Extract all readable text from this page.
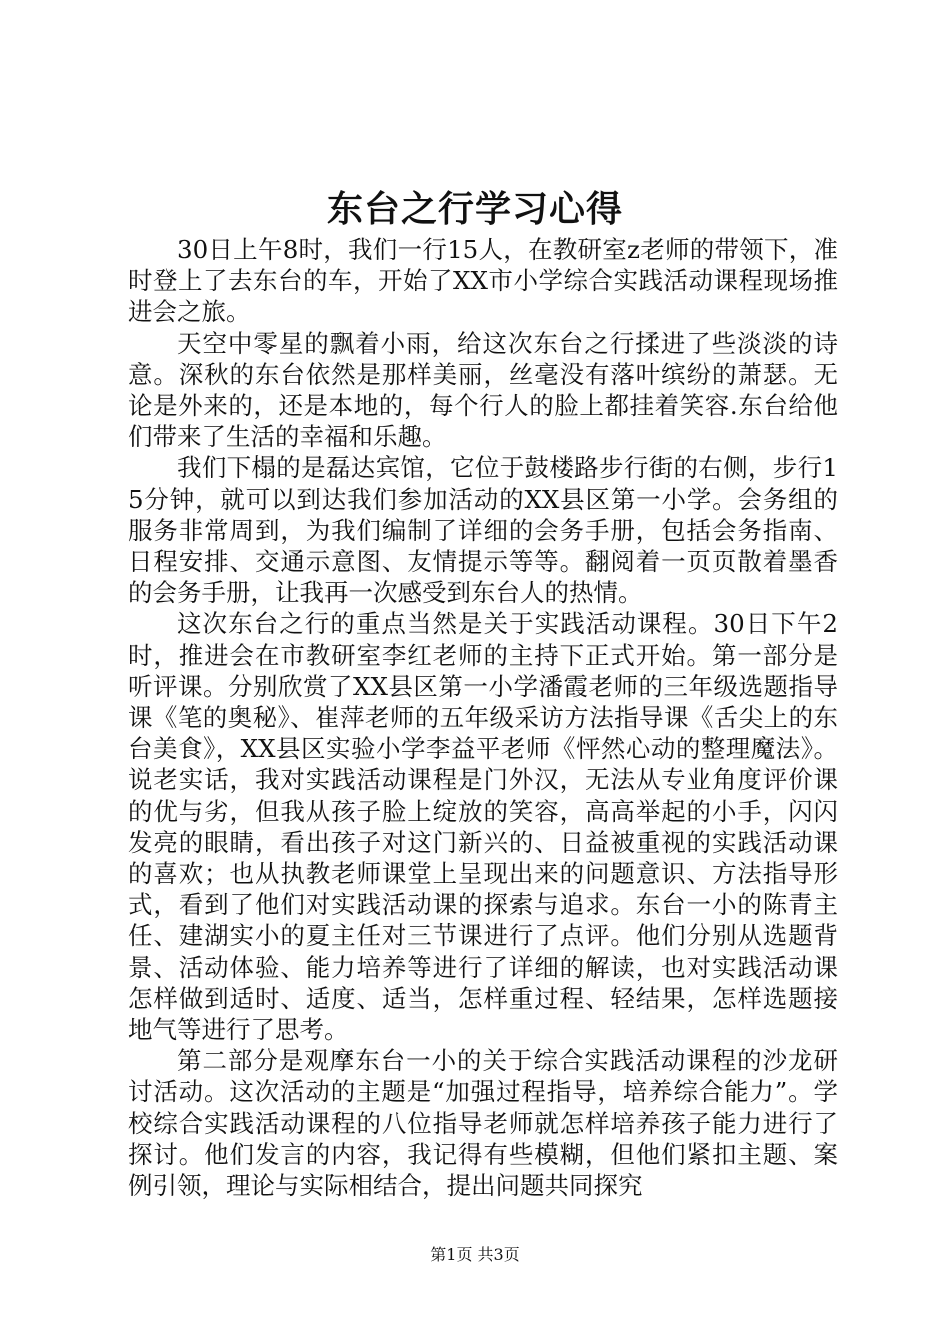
东台之行学习心得

30日上午8时，我们一行15人，在教研室z老师的带领下，准时登上了去东台的车，开始了XX市小学综合实践活动课程现场推进会之旅。

天空中零星的飘着小雨，给这次东台之行揉进了些淡淡的诗意。深秋的东台依然是那样美丽，丝毫没有落叶缤纷的萧瑟。无论是外来的，还是本地的，每个行人的脸上都挂着笑容.东台给他们带来了生活的幸福和乐趣。

我们下榻的是磊达宾馆，它位于鼓楼路步行街的右侧，步行15分钟，就可以到达我们参加活动的XX县区第一小学。会务组的服务非常周到，为我们编制了详细的会务手册，包括会务指南、日程安排、交通示意图、友情提示等等。翻阅着一页页散着墨香的会务手册，让我再一次感受到东台人的热情。

这次东台之行的重点当然是关于实践活动课程。30日下午2时，推进会在市教研室李红老师的主持下正式开始。第一部分是听评课。分别欣赏了XX县区第一小学潘霞老师的三年级选题指导课《笔的奥秘》、崔萍老师的五年级采访方法指导课《舌尖上的东台美食》，XX县区实验小学李益平老师《怦然心动的整理魔法》。说老实话，我对实践活动课程是门外汉，无法从专业角度评价课的优与劣，但我从孩子脸上绽放的笑容，高高举起的小手，闪闪发亮的眼睛，看出孩子对这门新兴的、日益被重视的实践活动课的喜欢；也从执教老师课堂上呈现出来的问题意识、方法指导形式，看到了他们对实践活动课的探索与追求。东台一小的陈青主任、建湖实小的夏主任对三节课进行了点评。他们分别从选题背景、活动体验、能力培养等进行了详细的解读，也对实践活动课怎样做到适时、适度、适当，怎样重过程、轻结果，怎样选题接地气等进行了思考。

第二部分是观摩东台一小的关于综合实践活动课程的沙龙研讨活动。这次活动的主题是“加强过程指导，培养综合能力”。学校综合实践活动课程的八位指导老师就怎样培养孩子能力进行了探讨。他们发言的内容，我记得有些模糊，但他们紧扣主题、案例引领，理论与实际相结合，提出问题共同探究

第1页 共3页
